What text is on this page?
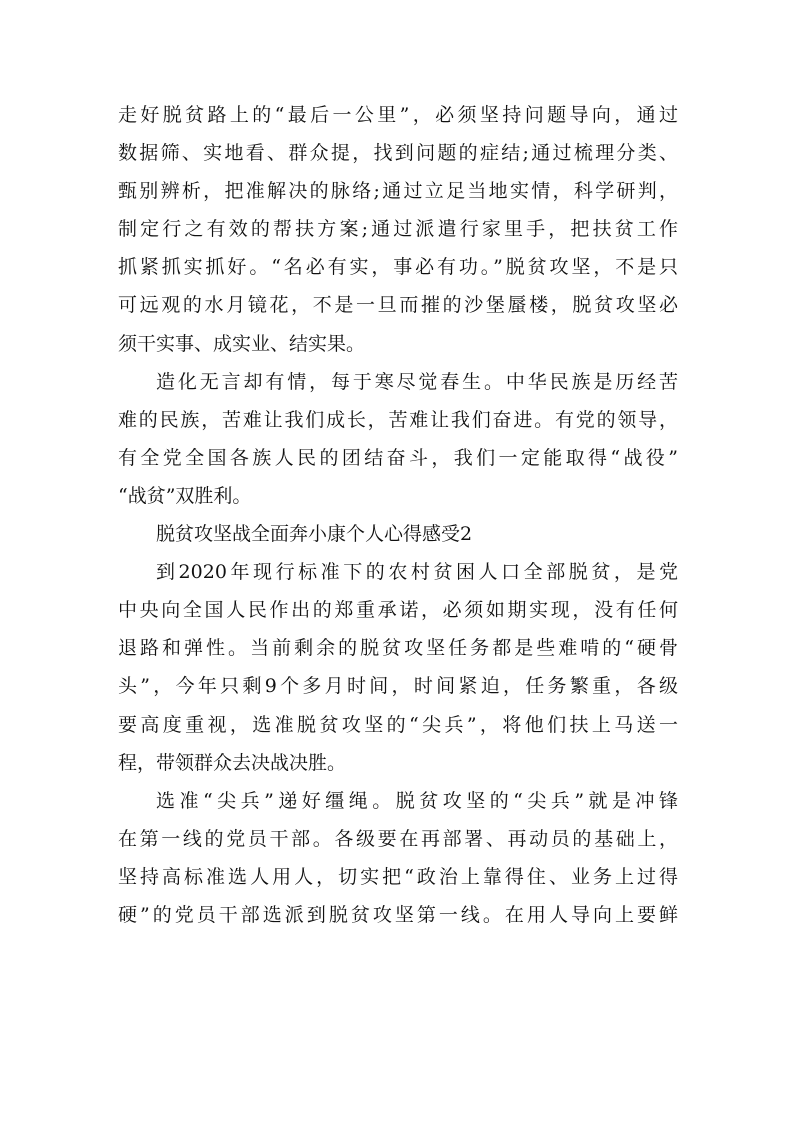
走好脱贫路上的“最后一公里”，必须坚持问题导向，通过
数据筛、实地看、群众提，找到问题的症结;通过梳理分类、
甄别辨析，把准解决的脉络;通过立足当地实情，科学研判，
制定行之有效的帮扶方案;通过派遣行家里手，把扶贫工作
抓紧抓实抓好。“名必有实，事必有功。”脱贫攻坚，不是只
可远观的水月镜花，不是一旦而摧的沙堡蜃楼，脱贫攻坚必
须干实事、成实业、结实果。
造化无言却有情，每于寒尽觉春生。中华民族是历经苦
难的民族，苦难让我们成长，苦难让我们奋进。有党的领导，
有全党全国各族人民的团结奋斗，我们一定能取得“战役”
“战贫”双胜利。
脱贫攻坚战全面奔小康个人心得感受2
到2020年现行标准下的农村贫困人口全部脱贫，是党
中央向全国人民作出的郑重承诺，必须如期实现，没有任何
退路和弹性。当前剩余的脱贫攻坚任务都是些难啃的“硬骨
头”，今年只剩9个多月时间，时间紧迫，任务繁重，各级
要高度重视，选准脱贫攻坚的“尖兵”，将他们扶上马送一
程，带领群众去决战决胜。
选准“尖兵”递好缰绳。脱贫攻坚的“尖兵”就是冲锋
在第一线的党员干部。各级要在再部署、再动员的基础上，
坚持高标准选人用人，切实把“政治上靠得住、业务上过得
硬”的党员干部选派到脱贫攻坚第一线。在用人导向上要鲜
